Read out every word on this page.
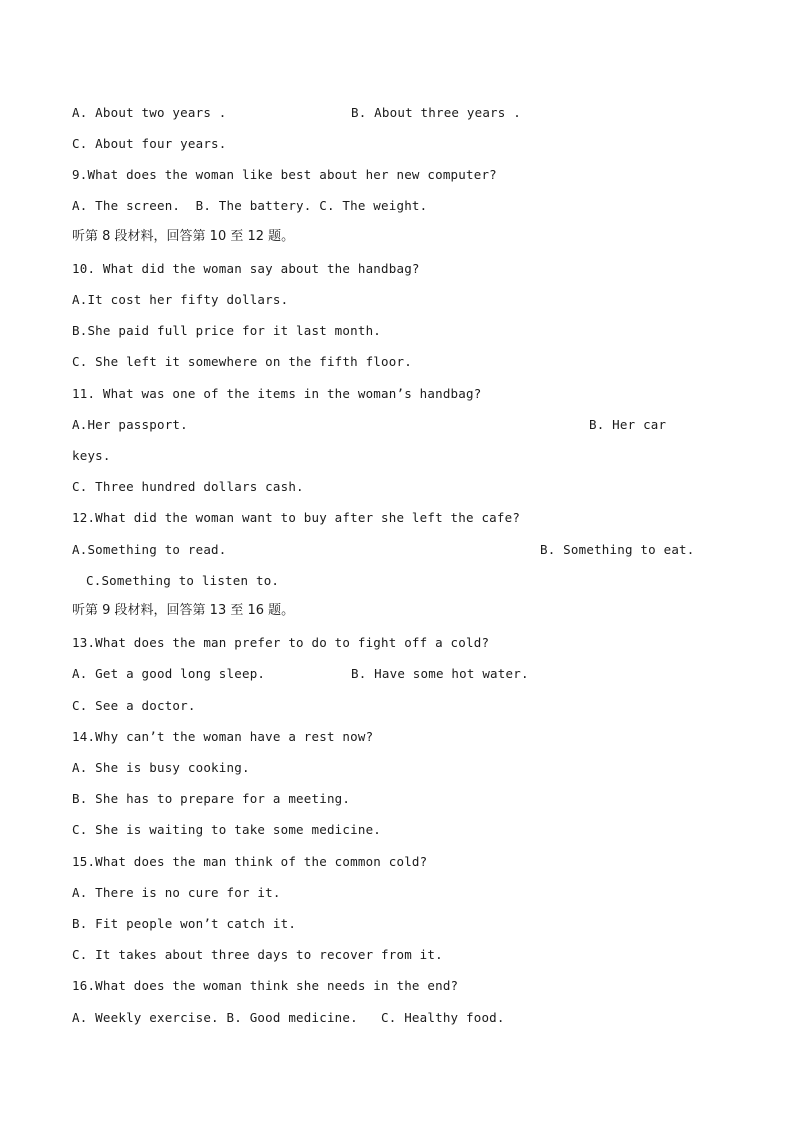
A. About two years .	B. About three years .
C. About four years.
9.What does the woman like best about her new computer?
A. The screen.  B. The battery. C. The weight.
听第 8 段材料，回答第 10 至 12 题。
10. What did the woman say about the handbag?
A.It cost her fifty dollars.
B.She paid full price for it last month.
C. She left it somewhere on the fifth floor.
11. What was one of the items in the woman’s handbag?
A.Her passport.	B. Her car
keys.
C. Three hundred dollars cash.
12.What did the woman want to buy after she left the cafe?
A.Something to read.	B. Something to eat.
C.Something to listen to.
听第 9 段材料，回答第 13 至 16 题。
13.What does the man prefer to do to fight off a cold?
A. Get a good long sleep.	B. Have some hot water.
C. See a doctor.
14.Why can’t the woman have a rest now?
A. She is busy cooking.
B. She has to prepare for a meeting.
C. She is waiting to take some medicine.
15.What does the man think of the common cold?
A. There is no cure for it.
B. Fit people won’t catch it.
C. It takes about three days to recover from it.
16.What does the woman think she needs in the end?
A. Weekly exercise. B. Good medicine.   C. Healthy food.
